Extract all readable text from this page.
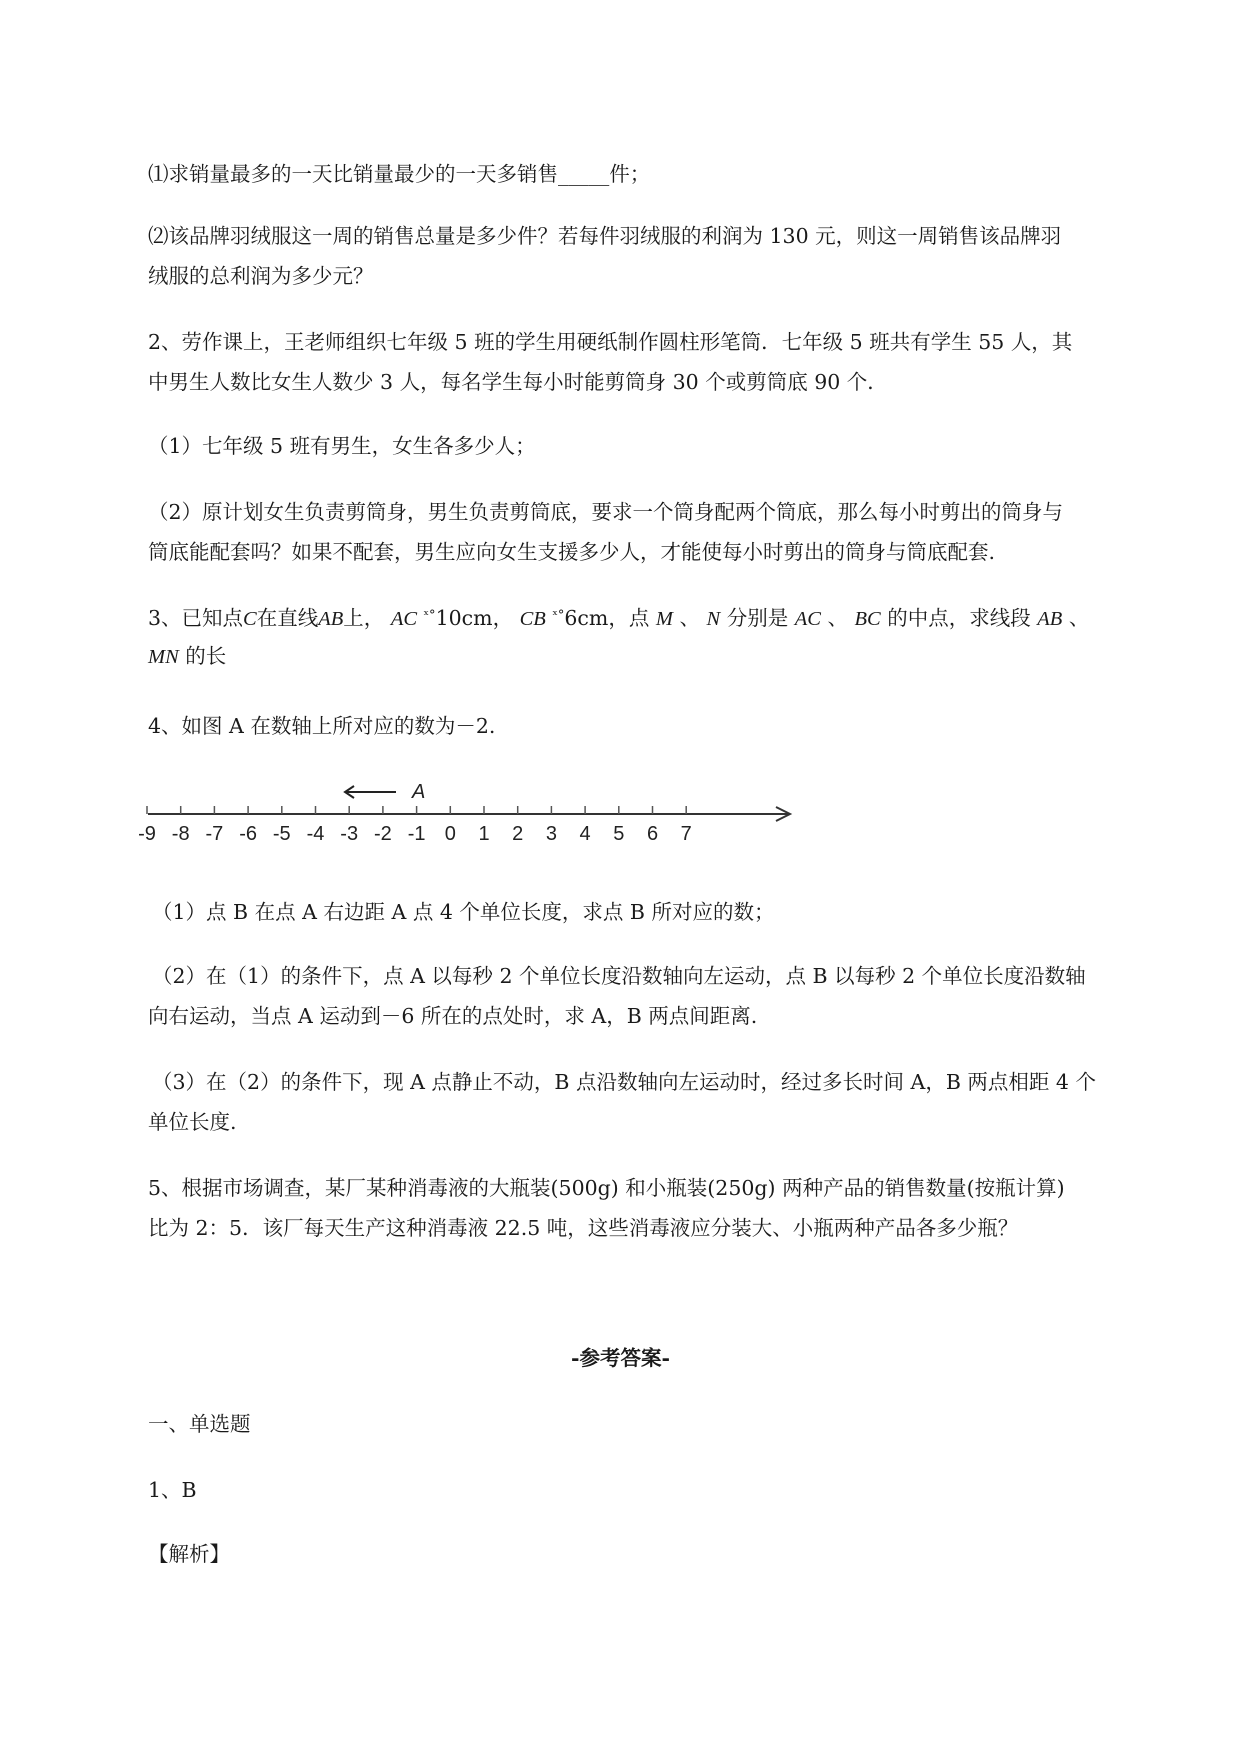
⑴求销量最多的一天比销量最少的一天多销售_____件；
⑵该品牌羽绒服这一周的销售总量是多少件？若每件羽绒服的利润为 130 元，则这一周销售该品牌羽
绒服的总利润为多少元？
2、劳作课上，王老师组织七年级 5 班的学生用硬纸制作圆柱形笔筒．七年级 5 班共有学生 55 人，其
中男生人数比女生人数少 3 人，每名学生每小时能剪筒身 30 个或剪筒底 90 个．
（1）七年级 5 班有男生，女生各多少人；
（2）原计划女生负责剪筒身，男生负责剪筒底，要求一个筒身配两个筒底，那么每小时剪出的筒身与
筒底能配套吗？如果不配套，男生应向女生支援多少人，才能使每小时剪出的筒身与筒底配套.
3、已知点C在直线AB上， AC $^{ˣ^\circ}$10cm， CB $^{ˣ^\circ}$6cm，点 M 、 N 分别是 AC 、 BC 的中点，求线段 AB 、
MN 的长
4、如图 A 在数轴上所对应的数为－2.
-9 -8 -7 -6 -5 -4 -3 -2 -1 0 1 2 3 4 5 6 7
A
（1）点 B 在点 A 右边距 A 点 4 个单位长度，求点 B 所对应的数；
（2）在（1）的条件下，点 A 以每秒 2 个单位长度沿数轴向左运动，点 B 以每秒 2 个单位长度沿数轴
向右运动，当点 A 运动到－6 所在的点处时，求 A，B 两点间距离.
（3）在（2）的条件下，现 A 点静止不动，B 点沿数轴向左运动时，经过多长时间 A，B 两点相距 4 个
单位长度.
5、根据市场调查，某厂某种消毒液的大瓶装(500g) 和小瓶装(250g) 两种产品的销售数量(按瓶计算)
比为 2：5．该厂每天生产这种消毒液 22.5 吨，这些消毒液应分装大、小瓶两种产品各多少瓶？
-参考答案-
一、单选题
1、B
【解析】
